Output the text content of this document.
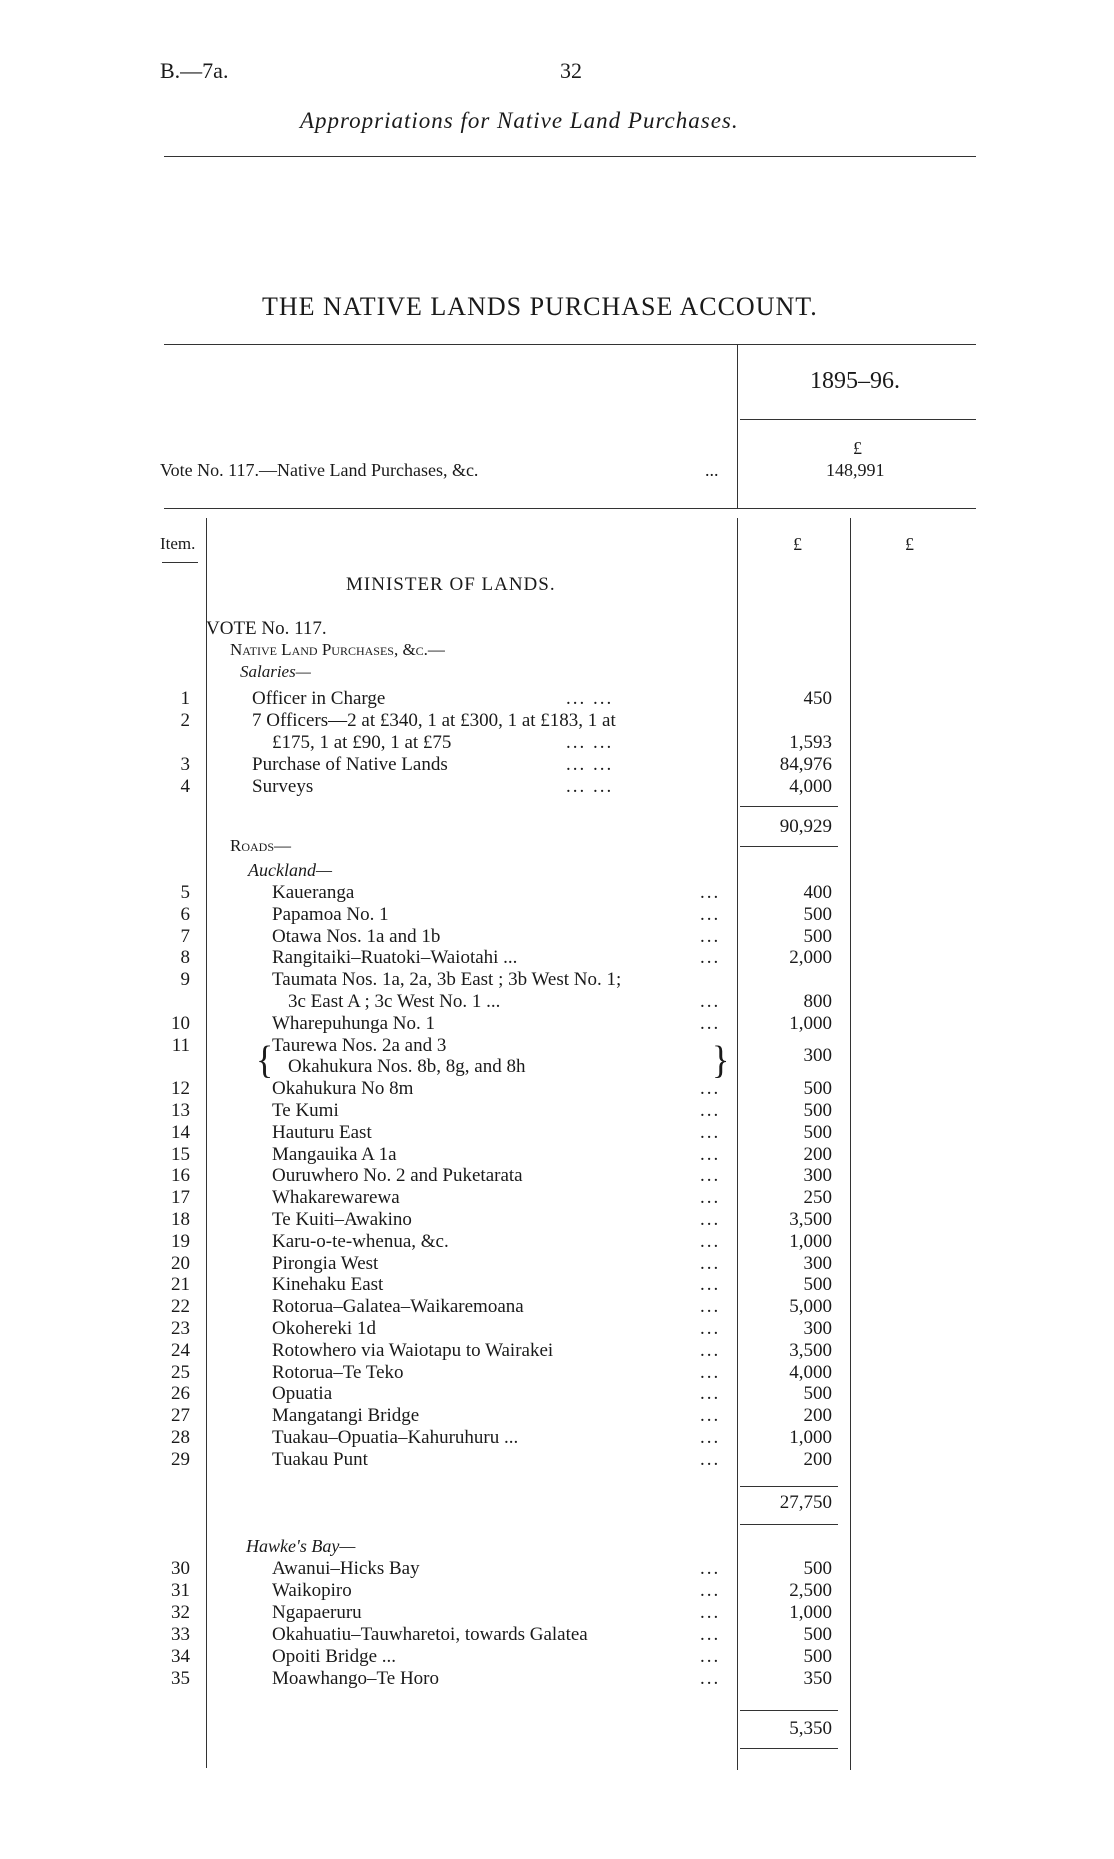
B.—7a.	32
Appropriations for Native Land Purchases.
THE NATIVE LANDS PURCHASE ACCOUNT.
1895–96.
Vote No. 117.—Native Land Purchases, &c.	...
£
148,991
Item.	£	£
MINISTER OF LANDS.
VOTE No. 117.
Native Land Purchases, &c.—
Salaries—
1	Officer in Charge	... ...	450
2	7 Officers—2 at £340, 1 at £300, 1 at £183, 1 at
£175, 1 at £90, 1 at £75	... ...	1,593
3	Purchase of Native Lands	... ...	84,976
4	Surveys	... ...	4,000
90,929
Roads—
Auckland—
5	Kauerangа	...	400
6	Papamoa No. 1	...	500
7	Otawa Nos. 1a and 1b	...	500
8	Rangitaiki–Ruatoki–Waiotahi ...	...	2,000
9	Taumata Nos. 1a, 2a, 3b East ; 3b West No. 1;
3c East A ; 3c West No. 1 ...	...	800
10	Wharepuhunga No. 1	...	1,000
11	Taurewa Nos. 2a and 3	300
Okahukura Nos. 8b, 8g, and 8h
12	Okahukura No 8m	...	500
13	Te Kumi	...	500
14	Hauturu East	...	500
15	Mangauika A 1a	...	200
16	Ouruwhero No. 2 and Puketarata	...	300
17	Whakarewarewa	...	250
18	Te Kuiti–Awakino	...	3,500
19	Karu-o-te-whenua, &c.	...	1,000
20	Pirongia West	...	300
21	Kinehaku East	...	500
22	Rotorua–Galatea–Waikaremoana	...	5,000
23	Okohereki 1d	...	300
24	Rotowhero via Waiotapu to Wairakei	...	3,500
25	Rotorua–Te Teko	...	4,000
26	Opuatia	...	500
27	Mangatangi Bridge	...	200
28	Tuakau–Opuatia–Kahuruhuru ...	...	1,000
29	Tuakau Punt	...	200
{	}
27,750
Hawke's Bay—
30	Awanui–Hicks Bay	...	500
31	Waikopiro	...	2,500
32	Ngapaeruru	...	1,000
33	Okahuatiu–Tauwharetoi, towards Galatea	...	500
34	Opoiti Bridge ...	...	500
35	Moawhango–Te Horo	...	350
5,350
